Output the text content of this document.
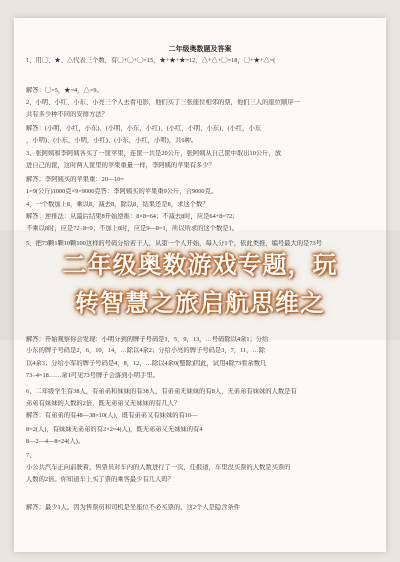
二年级奥数题及答案
1、用◯、★、△代表三个数，有◯+◯+◯=15，★+★+★=12，△+△+◯=18，◯+★+△=(
解答：◯=5，★=4，△=9。
2、小明、小红、小东、小亮三个人去看电影，他们买了三张座位相邻的票，他们三人的座位顺序一
共有多少种不同的安排方法？
解答：(小明，小红，小东)、(小明，小东，小红)、(小红，小明，小东)、(小红，小东
，小明)、(小东，小明，小红)、(小东，小红，小明)，共6种。
3、张阿姨和李阿姨各买了一筐苹果，连筐一共是20公斤，张阿姨从自己筐中取出10公斤，放
进自己的筐，这时两人筐里的苹果重量一样，李阿姨的苹果有多少？
解答：李阿姨买的苹果重：20—10=
1=9(公斤)1000克×9=9000克答：李阿姨买的苹果重9公斤，合9000克。
4、一个数加上8，乘以8，减去8，除以8，结果还是8，求这个数？
解答：逆推法：从最后结果8开始逆推：8×8=64；不减去8时，应是64+8=72；
不乘以8时，应是72÷8=9；不加上8时，应是9—8=1，所以所求的这个数是1。
5、把73颗1颗10颗100这样的号码分给若干人，从第一个人开始，每人分1个，依此类推，编号最大的是73号
解答：开始观察你会发现：小明分到的牌子号码是1，5，9，13，…号码除以4余1；分给
小东的牌子号码是2，6，10，14，…除以4余2；分给小亮的牌子号码是3，7，11，…除
以4余3；分给小军的牌子号码是4，8，12，…除以4余0(整除)因此，试用4除73看余数几
73÷4=18……余1可见73号牌子会落到小明手里。
6、二年级学生有38人，有弟弟和妹妹的有38人，有弟弟无妹妹的有8人，无弟弟有妹妹的人数是有
弟弟有妹妹的人数的2倍，既无弟弟又无妹妹的有几人？
解答：有弟弟的有48—38=10(人)，既有弟弟又有妹妹的有10—
8=2(人)，有妹妹无弟弟的有2×2=4(人)，既无弟弟又无妹妹的有4
8—2—4—8=24(人)。
7、
小公共汽车正向前驶着，售票员对车内的人数进行了一次，任报道，车里没买票的人数是买票的
人数的2倍。你知道车上买了票的乘客最少有几人吗？
解答：最少1人。因为售票员和司机是坐座位不必买票的，这2个人是隐含条件
二年级奥数游戏专题，玩
转智慧之旅启航思维之
